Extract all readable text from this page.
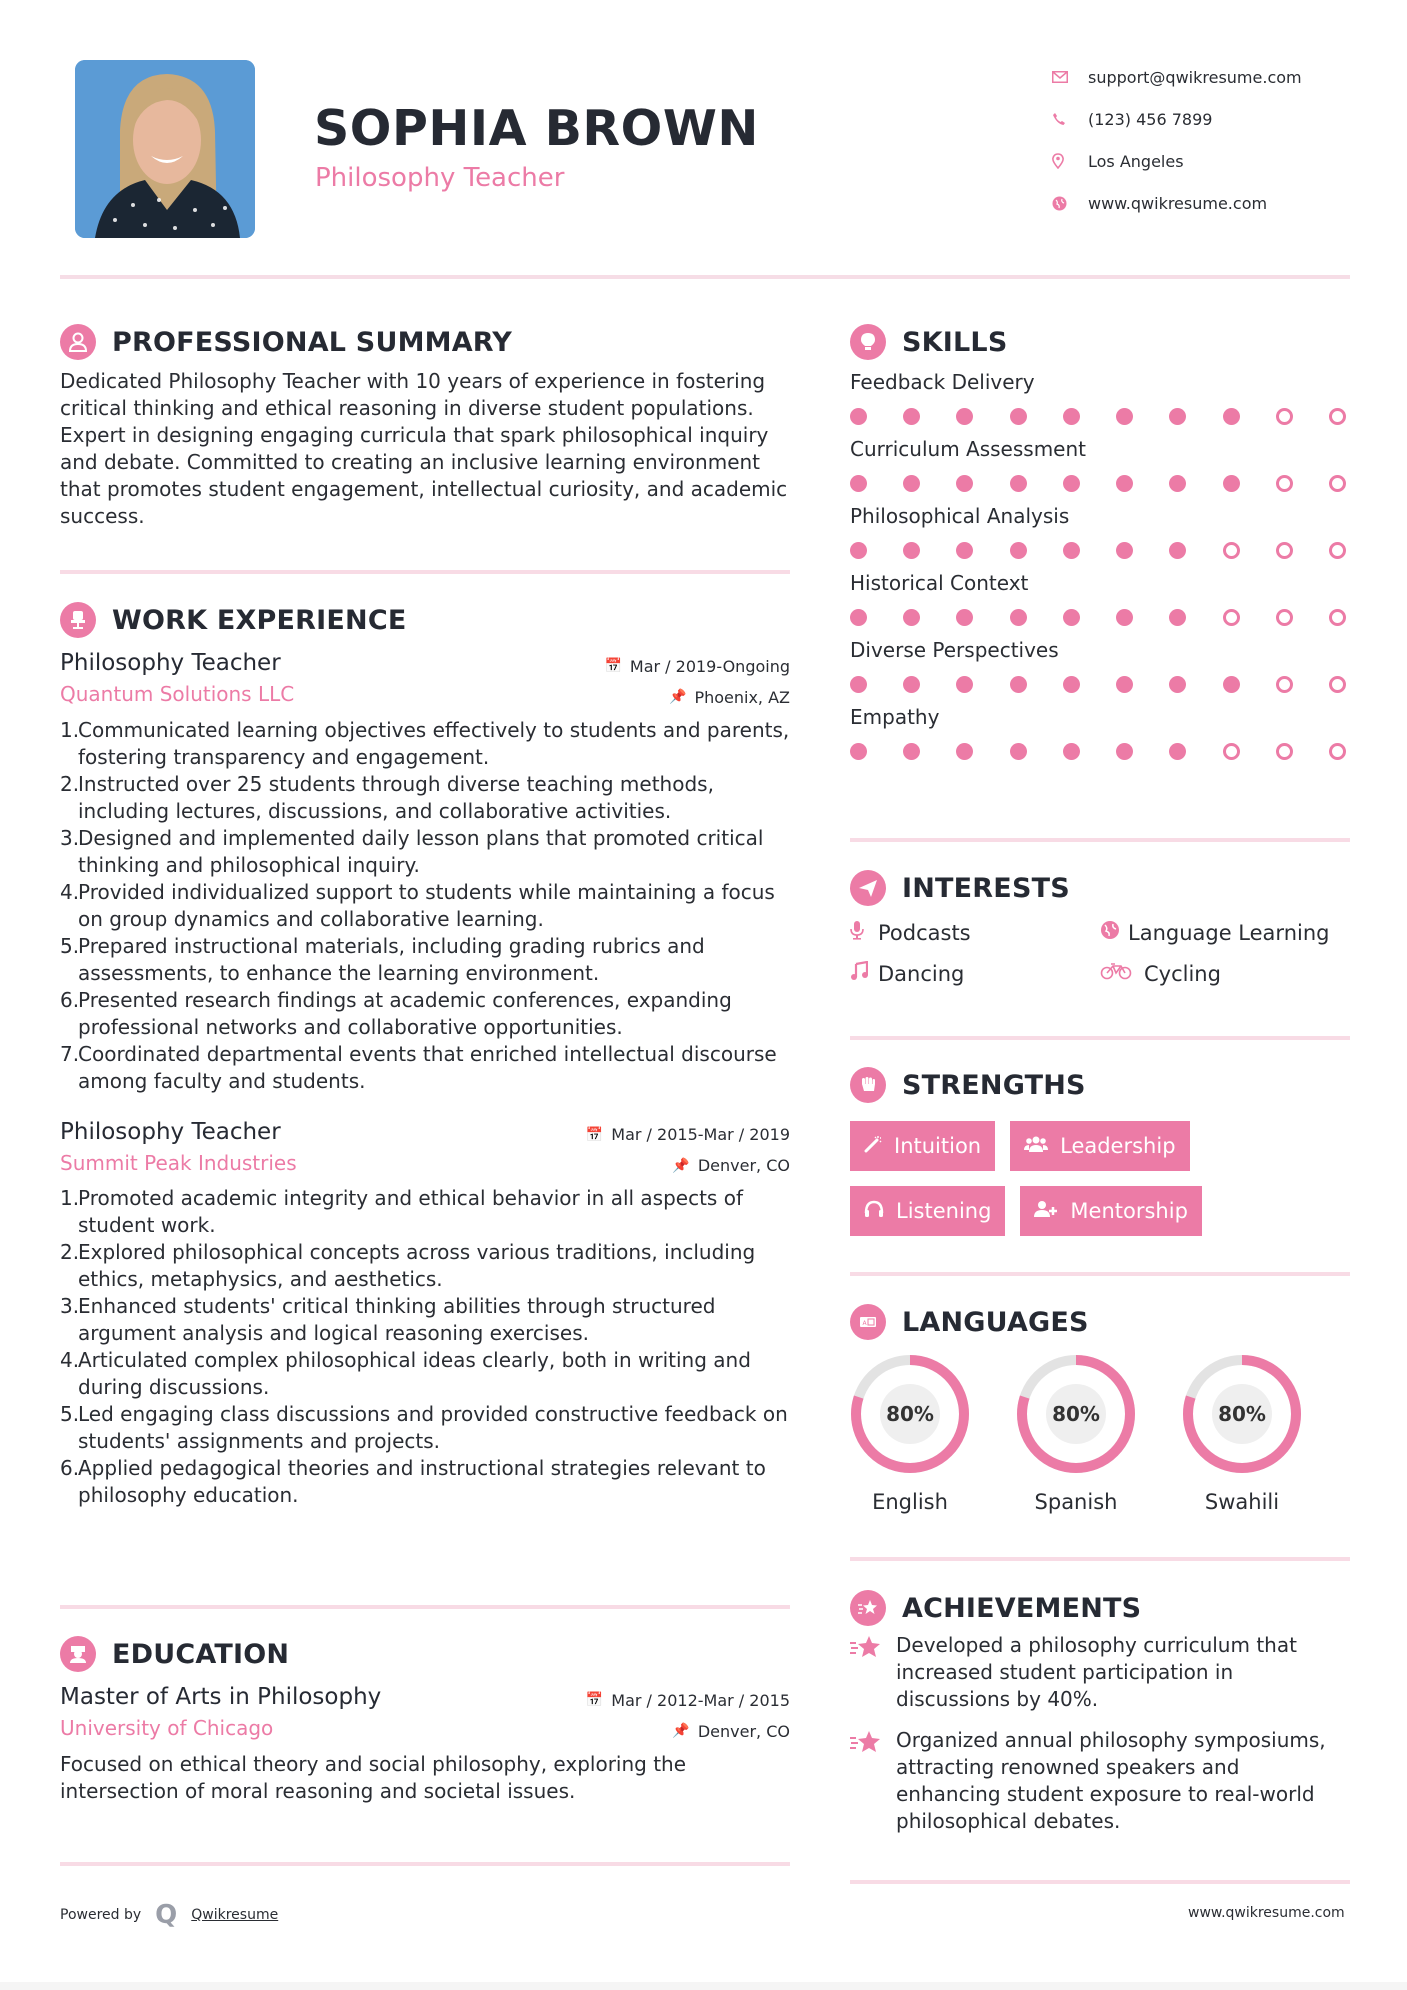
SOPHIA BROWN
Philosophy Teacher
support@qwikresume.com
(123) 456 7899
Los Angeles
www.qwikresume.com
PROFESSIONAL SUMMARY
Dedicated Philosophy Teacher with 10 years of experience in fostering critical thinking and ethical reasoning in diverse student populations. Expert in designing engaging curricula that spark philosophical inquiry and debate. Committed to creating an inclusive learning environment that promotes student engagement, intellectual curiosity, and academic success.
WORK EXPERIENCE
Philosophy Teacher	📅 Mar / 2019-Ongoing
Quantum Solutions LLC	📌 Phoenix, AZ
1.Communicated learning objectives effectively to students and parents, fostering transparency and engagement.
2.Instructed over 25 students through diverse teaching methods, including lectures, discussions, and collaborative activities.
3.Designed and implemented daily lesson plans that promoted critical thinking and philosophical inquiry.
4.Provided individualized support to students while maintaining a focus on group dynamics and collaborative learning.
5.Prepared instructional materials, including grading rubrics and assessments, to enhance the learning environment.
6.Presented research findings at academic conferences, expanding professional networks and collaborative opportunities.
7.Coordinated departmental events that enriched intellectual discourse among faculty and students.
Philosophy Teacher	📅 Mar / 2015-Mar / 2019
Summit Peak Industries	📌 Denver, CO
1.Promoted academic integrity and ethical behavior in all aspects of student work.
2.Explored philosophical concepts across various traditions, including ethics, metaphysics, and aesthetics.
3.Enhanced students' critical thinking abilities through structured argument analysis and logical reasoning exercises.
4.Articulated complex philosophical ideas clearly, both in writing and during discussions.
5.Led engaging class discussions and provided constructive feedback on students' assignments and projects.
6.Applied pedagogical theories and instructional strategies relevant to philosophy education.
EDUCATION
Master of Arts in Philosophy	📅 Mar / 2012-Mar / 2015
University of Chicago	📌 Denver, CO
Focused on ethical theory and social philosophy, exploring the intersection of moral reasoning and societal issues.
SKILLS
Feedback Delivery
Curriculum Assessment
Philosophical Analysis
Historical Context
Diverse Perspectives
Empathy
INTERESTS
Podcasts	Language Learning
Dancing	Cycling
STRENGTHS
Intuition	Leadership
Listening	Mentorship
A LANGUAGES
80%
English
80%
Spanish
80%
Swahili
ACHIEVEMENTS
Developed a philosophy curriculum that increased student participation in discussions by 40%.
Organized annual philosophy symposiums, attracting renowned speakers and enhancing student exposure to real-world philosophical debates.
Powered by Q Qwikresume	www.qwikresume.com
